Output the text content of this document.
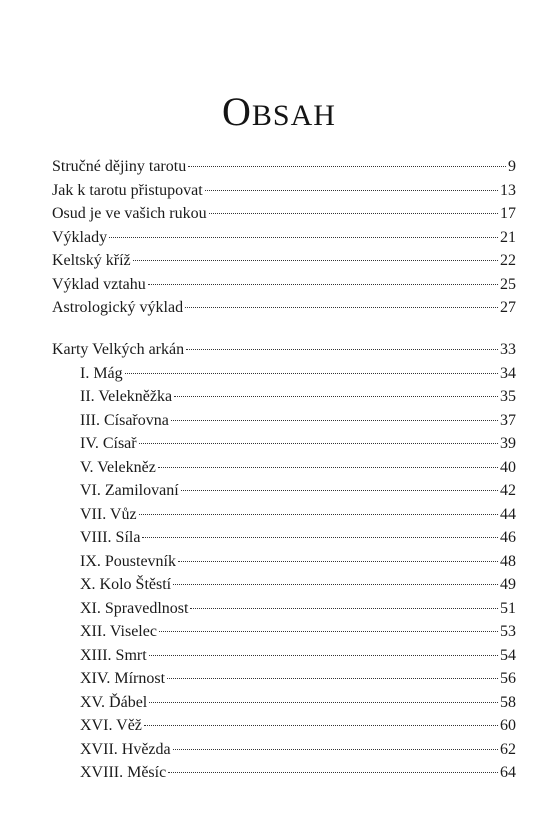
OBSAH
Stručné dějiny tarotu	9
Jak k tarotu přistupovat	13
Osud je ve vašich rukou	17
Výklady	21
Keltský kříž	22
Výklad vztahu	25
Astrologický výklad	27
Karty Velkých arkán	33
I. Mág	34
II. Velekněžka	35
III. Císařovna	37
IV. Císař	39
V. Velekněz	40
VI. Zamilovaní	42
VII. Vůz	44
VIII. Síla	46
IX. Poustevník	48
X. Kolo Štěstí	49
XI. Spravedlnost	51
XII. Viselec	53
XIII. Smrt	54
XIV. Mírnost	56
XV. Ďábel	58
XVI. Věž	60
XVII. Hvězda	62
XVIII. Měsíc	64
